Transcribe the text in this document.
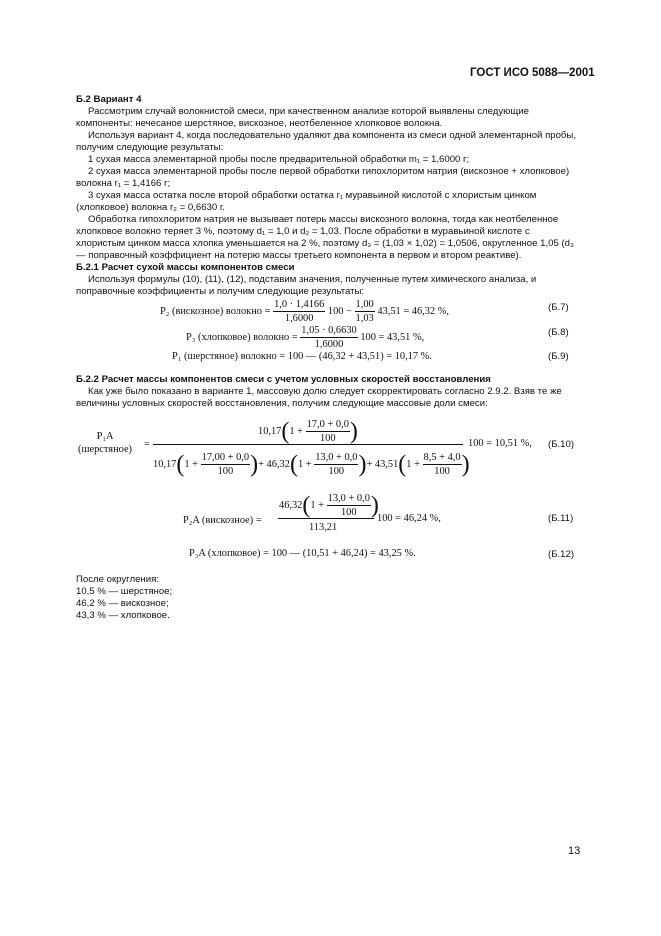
ГОСТ ИСО 5088—2001
Б.2 Вариант 4
Рассмотрим случай волокнистой смеси, при качественном анализе которой выявлены следующие компоненты: нечесаное шерстяное, вискозное, неотбеленное хлопковое волокна.
Используя вариант 4, когда последовательно удаляют два компонента из смеси одной элементарной пробы, получим следующие результаты:
1 сухая масса элементарной пробы после предварительной обработки m₁ = 1,6000 г;
2 сухая масса элементарной пробы после первой обработки гипохлоритом натрия (вискозное + хлопковое) волокна r₁ = 1,4166 г;
3 сухая масса остатка после второй обработки остатка r₁ муравьиной кислотой с хлористым цинком (хлопковое) волокна r₂ = 0,6630 г.
Обработка гипохлоритом натрия не вызывает потерь массы вискозного волокна, тогда как неотбеленное хлопковое волокно теряет 3 %, поэтому d₁ = 1,0 и d₂ = 1,03. После обработки в муравьиной кислоте с хлористым цинком масса хлопка уменьшается на 2 %, поэтому d₃ = (1,03 × 1,02) = 1,0506, округленное 1,05 (d₃ — поправочный коэффициент на потерю массы третьего компонента в первом и втором реактиве).
Б.2.1 Расчет сухой массы компонентов смеси
Используя формулы (10), (11), (12), подставим значения, полученные путем химического анализа, и поправочные коэффициенты и получим следующие результаты:
P₂ (вискозное) волокно = $\frac{1,0 \cdot 1,4166}{1,6000} 100 - \frac{1,00}{1,03} 43,51 = 46,32$ %,	(Б.7)
P₃ (хлопковое) волокно = $\frac{1,05 \cdot 0,6630}{1,6000} 100 = 43,51$ %,	(Б.8)
P₁ (шерстяное) волокно = 100 — (46,32 + 43,51) = 10,17 %.	(Б.9)
Б.2.2 Расчет массы компонентов смеси с учетом условных скоростей восстановления
Как уже было показано в варианте 1, массовую долю следует скорректировать согласно 2.9.2. Взяв те же величины условных скоростей восстановления, получим следующие массовые доли смеси:
P₁A
(шерстяное) =
$10,17(1 + \frac{17,0 + 0,0}{100}$ )
$10,17(1 + \frac{17,00 + 0,0}{100}$ )+ $46,32(1 + \frac{13,0 + 0,0}{100}$ )+ $43,51(1 + \frac{8,5 + 4,0}{100}$ )
100 = 10,51 %, (Б.10)
P₂A (вискозное) =
$46,32(1 + \frac{13,0 + 0,0}{100}$ )
113,21
100 = 46,24 %,	(Б.11)
P₃A (хлопковое) = 100 — (10,51 + 46,24) = 43,25 %.	(Б.12)
После округления:
10,5 % — шерстяное;
46,2 % — вискозное;
43,3 % — хлопковое.
13
